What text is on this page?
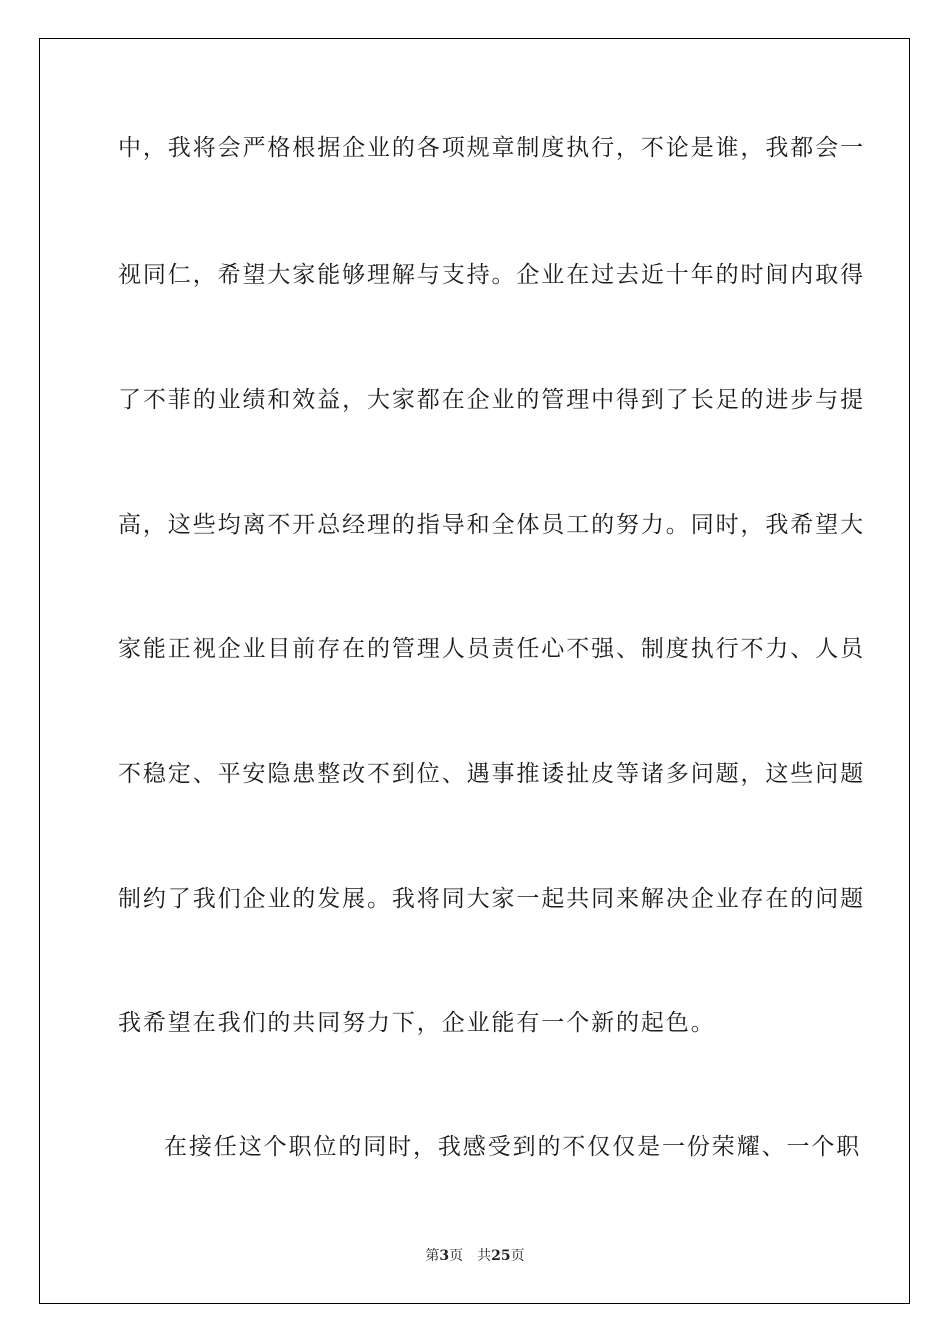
中，我将会严格根据企业的各项规章制度执行，不论是谁，我都会一
视同仁，希望大家能够理解与支持。企业在过去近十年的时间内取得
了不菲的业绩和效益，大家都在企业的管理中得到了长足的进步与提
高，这些均离不开总经理的指导和全体员工的努力。同时，我希望大
家能正视企业目前存在的管理人员责任心不强、制度执行不力、人员
不稳定、平安隐患整改不到位、遇事推诿扯皮等诸多问题，这些问题
制约了我们企业的发展。我将同大家一起共同来解决企业存在的问题
我希望在我们的共同努力下，企业能有一个新的起色。
在接任这个职位的同时，我感受到的不仅仅是一份荣耀、一个职
第3页 共25页
